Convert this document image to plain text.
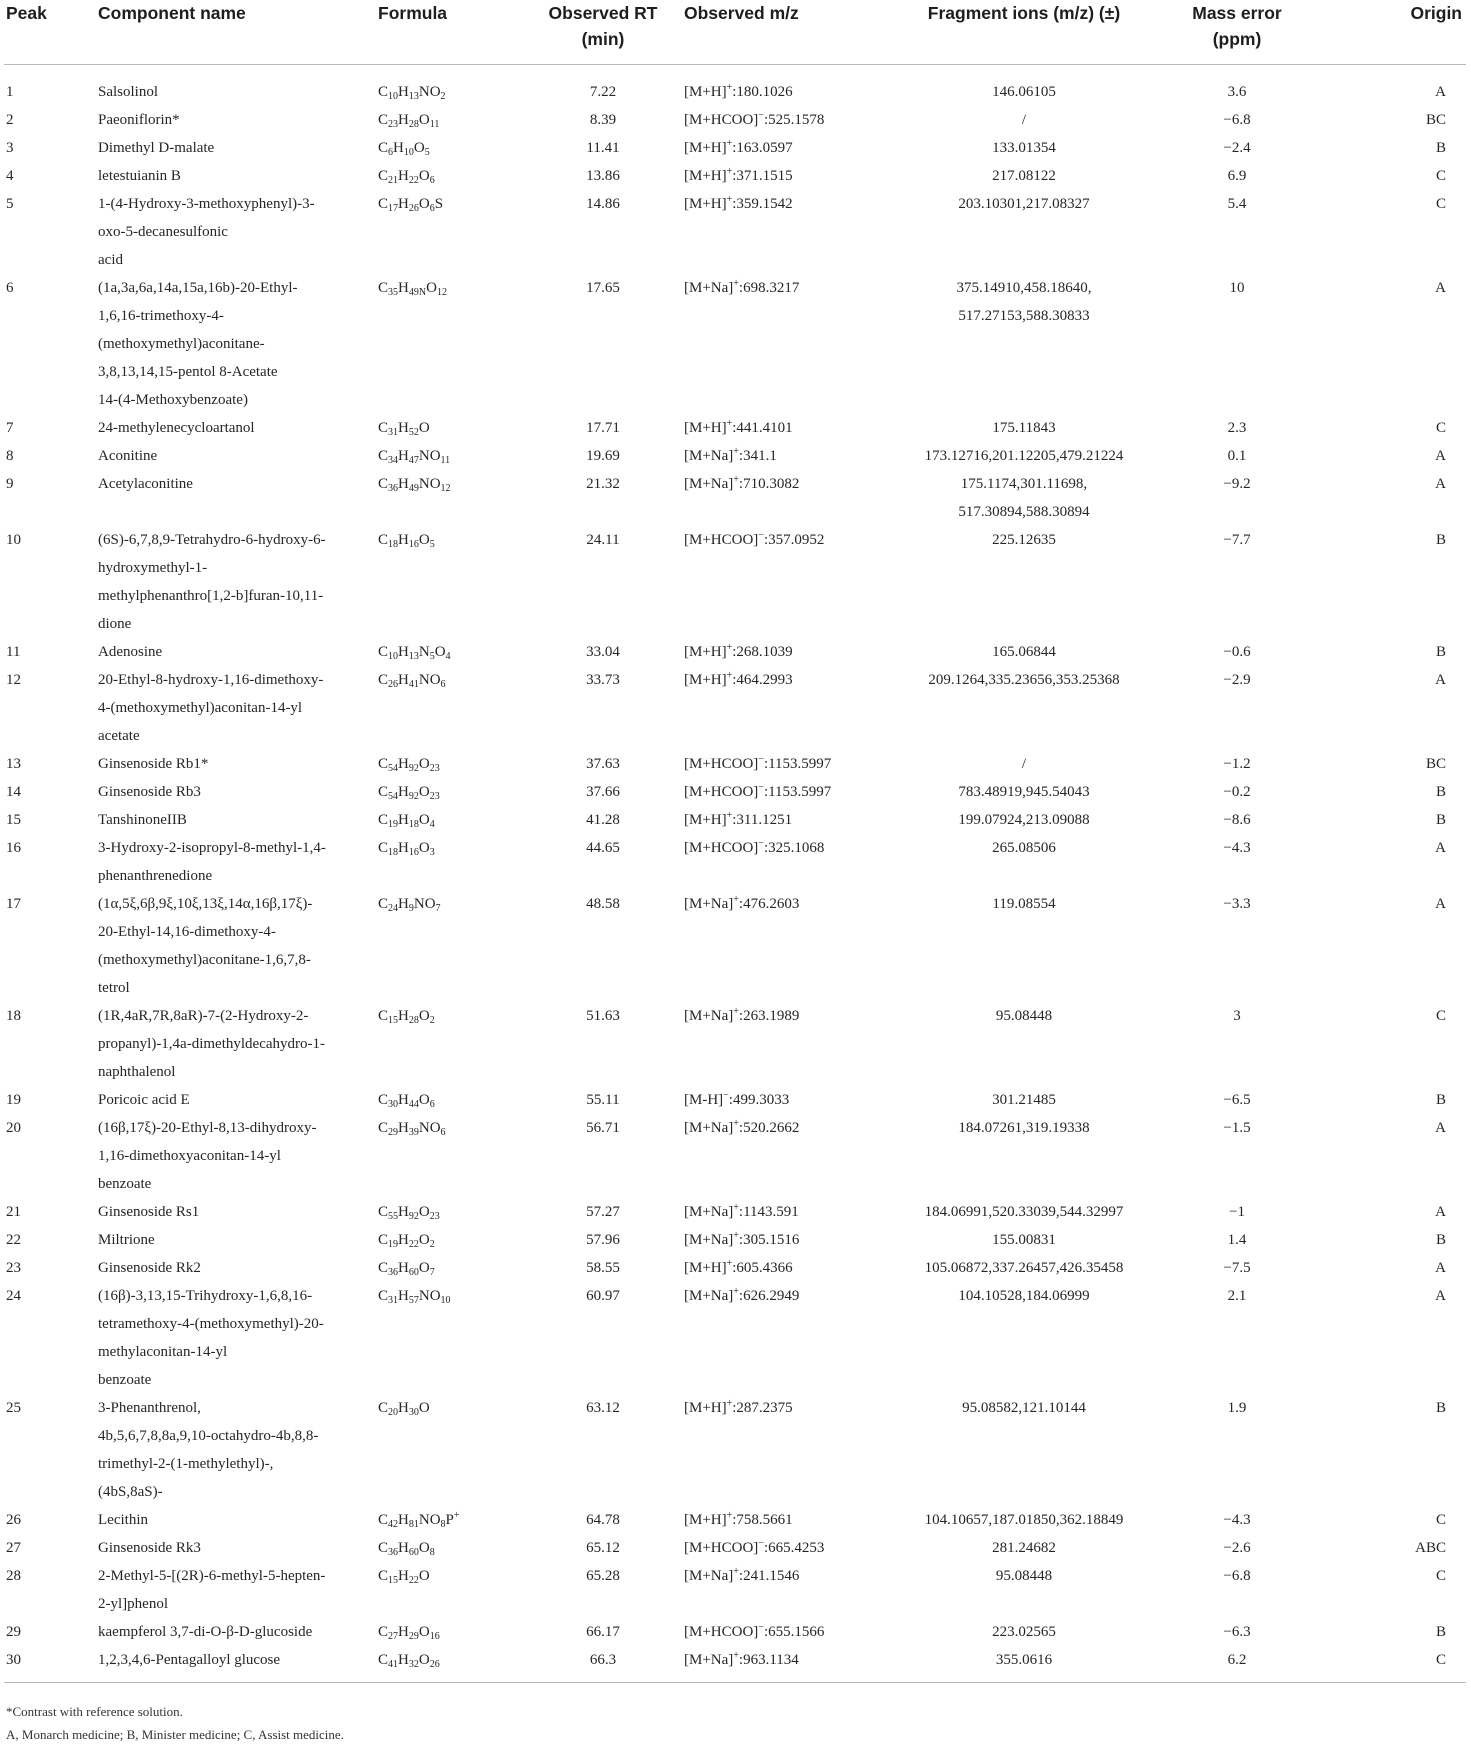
Peak	Component name	Formula	Observed RT (min)	Observed m/z	Fragment ions (m/z) (±)	Mass error (ppm)	Origin
1	Salsolinol	$C_{10}H_{13}NO_2$	7.22	[M+H]+:180.1026	146.06105	3.6	A
2	Paeoniflorin*	$C_{23}H_{28}O_{11}$	8.39	[M+HCOO]−:525.1578	/	−6.8	BC
3	Dimethyl D-malate	$C_6H_{10}O_5$	11.41	[M+H]+:163.0597	133.01354	−2.4	B
4	letestuianin B	$C_{21}H_{22}O_6$	13.86	[M+H]+:371.1515	217.08122	6.9	C
5	1-(4-Hydroxy-3-methoxyphenyl)-3-
oxo-5-decanesulfonic
acid	$C_{17}H_{26}O_6S$	14.86	[M+H]+:359.1542	203.10301,217.08327	5.4	C
6	(1a,3a,6a,14a,15a,16b)-20-Ethyl-
1,6,16-trimethoxy-4-
(methoxymethyl)aconitane-
3,8,13,14,15-pentol 8-Acetate
14-(4-Methoxybenzoate)	$C_{35}H_{49N}O_{12}$	17.65	[M+Na]+:698.3217	375.14910,458.18640,
517.27153,588.30833	10	A
7	24-methylenecycloartanol	$C_{31}H_{52}O$	17.71	[M+H]+:441.4101	175.11843	2.3	C
8	Aconitine	$C_{34}H_{47}NO_{11}$	19.69	[M+Na]+:341.1	173.12716,201.12205,479.21224	0.1	A
9	Acetylaconitine	$C_{36}H_{49}NO_{12}$	21.32	[M+Na]+:710.3082	175.1174,301.11698,
517.30894,588.30894	−9.2	A
10	(6S)-6,7,8,9-Tetrahydro-6-hydroxy-6-
hydroxymethyl-1-
methylphenanthro[1,2-b]furan-10,11-
dione	$C_{18}H_{16}O_5$	24.11	[M+HCOO]−:357.0952	225.12635	−7.7	B
11	Adenosine	$C_{10}H_{13}N_5O_4$	33.04	[M+H]+:268.1039	165.06844	−0.6	B
12	20-Ethyl-8-hydroxy-1,16-dimethoxy-
4-(methoxymethyl)aconitan-14-yl
acetate	$C_{26}H_{41}NO_6$	33.73	[M+H]+:464.2993	209.1264,335.23656,353.25368	−2.9	A
13	Ginsenoside Rb1*	$C_{54}H_{92}O_{23}$	37.63	[M+HCOO]−:1153.5997	/	−1.2	BC
14	Ginsenoside Rb3	$C_{54}H_{92}O_{23}$	37.66	[M+HCOO]−:1153.5997	783.48919,945.54043	−0.2	B
15	TanshinoneIIB	$C_{19}H_{18}O_4$	41.28	[M+H]+:311.1251	199.07924,213.09088	−8.6	B
16	3-Hydroxy-2-isopropyl-8-methyl-1,4-
phenanthrenedione	$C_{18}H_{16}O_3$	44.65	[M+HCOO]−:325.1068	265.08506	−4.3	A
17	(1α,5ξ,6β,9ξ,10ξ,13ξ,14α,16β,17ξ)-
20-Ethyl-14,16-dimethoxy-4-
(methoxymethyl)aconitane-1,6,7,8-
tetrol	$C_{24}H_9NO_7$	48.58	[M+Na]+:476.2603	119.08554	−3.3	A
18	(1R,4aR,7R,8aR)-7-(2-Hydroxy-2-
propanyl)-1,4a-dimethyldecahydro-1-
naphthalenol	$C_{15}H_{28}O_2$	51.63	[M+Na]+:263.1989	95.08448	3	C
19	Poricoic acid E	$C_{30}H_{44}O_6$	55.11	[M-H]−:499.3033	301.21485	−6.5	B
20	(16β,17ξ)-20-Ethyl-8,13-dihydroxy-
1,16-dimethoxyaconitan-14-yl
benzoate	$C_{29}H_{39}NO_6$	56.71	[M+Na]+:520.2662	184.07261,319.19338	−1.5	A
21	Ginsenoside Rs1	$C_{55}H_{92}O_{23}$	57.27	[M+Na]+:1143.591	184.06991,520.33039,544.32997	−1	A
22	Miltrione	$C_{19}H_{22}O_2$	57.96	[M+Na]+:305.1516	155.00831	1.4	B
23	Ginsenoside Rk2	$C_{36}H_{60}O_7$	58.55	[M+H]+:605.4366	105.06872,337.26457,426.35458	−7.5	A
24	(16β)-3,13,15-Trihydroxy-1,6,8,16-
tetramethoxy-4-(methoxymethyl)-20-
methylaconitan-14-yl
benzoate	$C_{31}H_{57}NO_{10}$	60.97	[M+Na]+:626.2949	104.10528,184.06999	2.1	A
25	3-Phenanthrenol,
4b,5,6,7,8,8a,9,10-octahydro-4b,8,8-
trimethyl-2-(1-methylethyl)-,
(4bS,8aS)-	$C_{20}H_{30}O$	63.12	[M+H]+:287.2375	95.08582,121.10144	1.9	B
26	Lecithin	$C_{42}H_{81}NO_8P^+$	64.78	[M+H]+:758.5661	104.10657,187.01850,362.18849	−4.3	C
27	Ginsenoside Rk3	$C_{36}H_{60}O_8$	65.12	[M+HCOO]−:665.4253	281.24682	−2.6	ABC
28	2-Methyl-5-[(2R)-6-methyl-5-hepten-
2-yl]phenol	$C_{15}H_{22}O$	65.28	[M+Na]+:241.1546	95.08448	−6.8	C
29	kaempferol 3,7-di-O-β-D-glucoside	$C_{27}H_{29}O_{16}$	66.17	[M+HCOO]−:655.1566	223.02565	−6.3	B
30	1,2,3,4,6-Pentagalloyl glucose	$C_{41}H_{32}O_{26}$	66.3	[M+Na]+:963.1134	355.0616	6.2	C
*Contrast with reference solution.
A, Monarch medicine; B, Minister medicine; C, Assist medicine.
